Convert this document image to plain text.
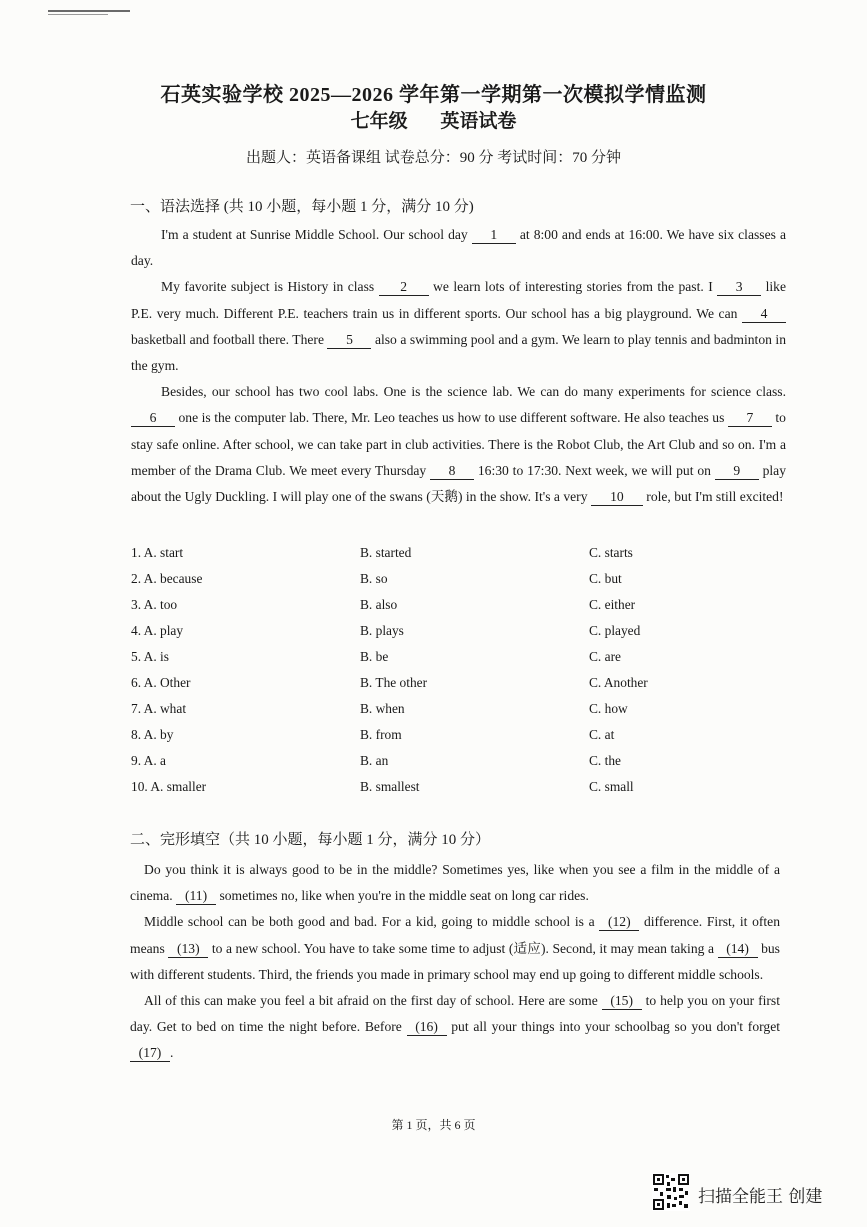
石英实验学校 2025—2026 学年第一学期第一次模拟学情监测
七年级 英语试卷
出题人：英语备课组 试卷总分：90 分 考试时间：70 分钟
一、语法选择 (共 10 小题，每小题 1 分，满分 10 分)

I'm a student at Sunrise Middle School. Our school day 1 at 8:00 and ends at 16:00. We have six classes a day.

My favorite subject is History in class 2 we learn lots of interesting stories from the past. I 3 like P.E. very much. Different P.E. teachers train us in different sports. Our school has a big playground. We can 4 basketball and football there. There 5 also a swimming pool and a gym. We learn to play tennis and badminton in the gym.

Besides, our school has two cool labs. One is the science lab. We can do many experiments for science class. 6 one is the computer lab. There, Mr. Leo teaches us how to use different software. He also teaches us 7 to stay safe online. After school, we can take part in club activities. There is the Robot Club, the Art Club and so on. I'm a member of the Drama Club. We meet every Thursday 8 16:30 to 17:30. Next week, we will put on 9 play about the Ugly Duckling. I will play one of the swans (天鹅) in the show. It's a very 10 role, but I'm still excited!

1. A. start	B. started	C. starts
2. A. because	B. so	C. but
3. A. too	B. also	C. either
4. A. play	B. plays	C. played
5. A. is	B. be	C. are
6. A. Other	B. The other	C. Another
7. A. what	B. when	C. how
8. A. by	B. from	C. at
9. A. a	B. an	C. the
10. A. smaller	B. smallest	C. small
二、完形填空（共 10 小题，每小题 1 分，满分 10 分）

Do you think it is always good to be in the middle? Sometimes yes, like when you see a film in the middle of a cinema. (11) sometimes no, like when you're in the middle seat on long car rides.

Middle school can be both good and bad. For a kid, going to middle school is a (12) difference. First, it often means (13) to a new school. You have to take some time to adjust (适应). Second, it may mean taking a (14) bus with different students. Third, the friends you made in primary school may end up going to different middle schools.

All of this can make you feel a bit afraid on the first day of school. Here are some (15) to help you on your first day. Get to bed on time the night before. Before (16) put all your things into your schoolbag so you don't forget (17) .

第 1 页，共 6 页
扫描全能王 创建
